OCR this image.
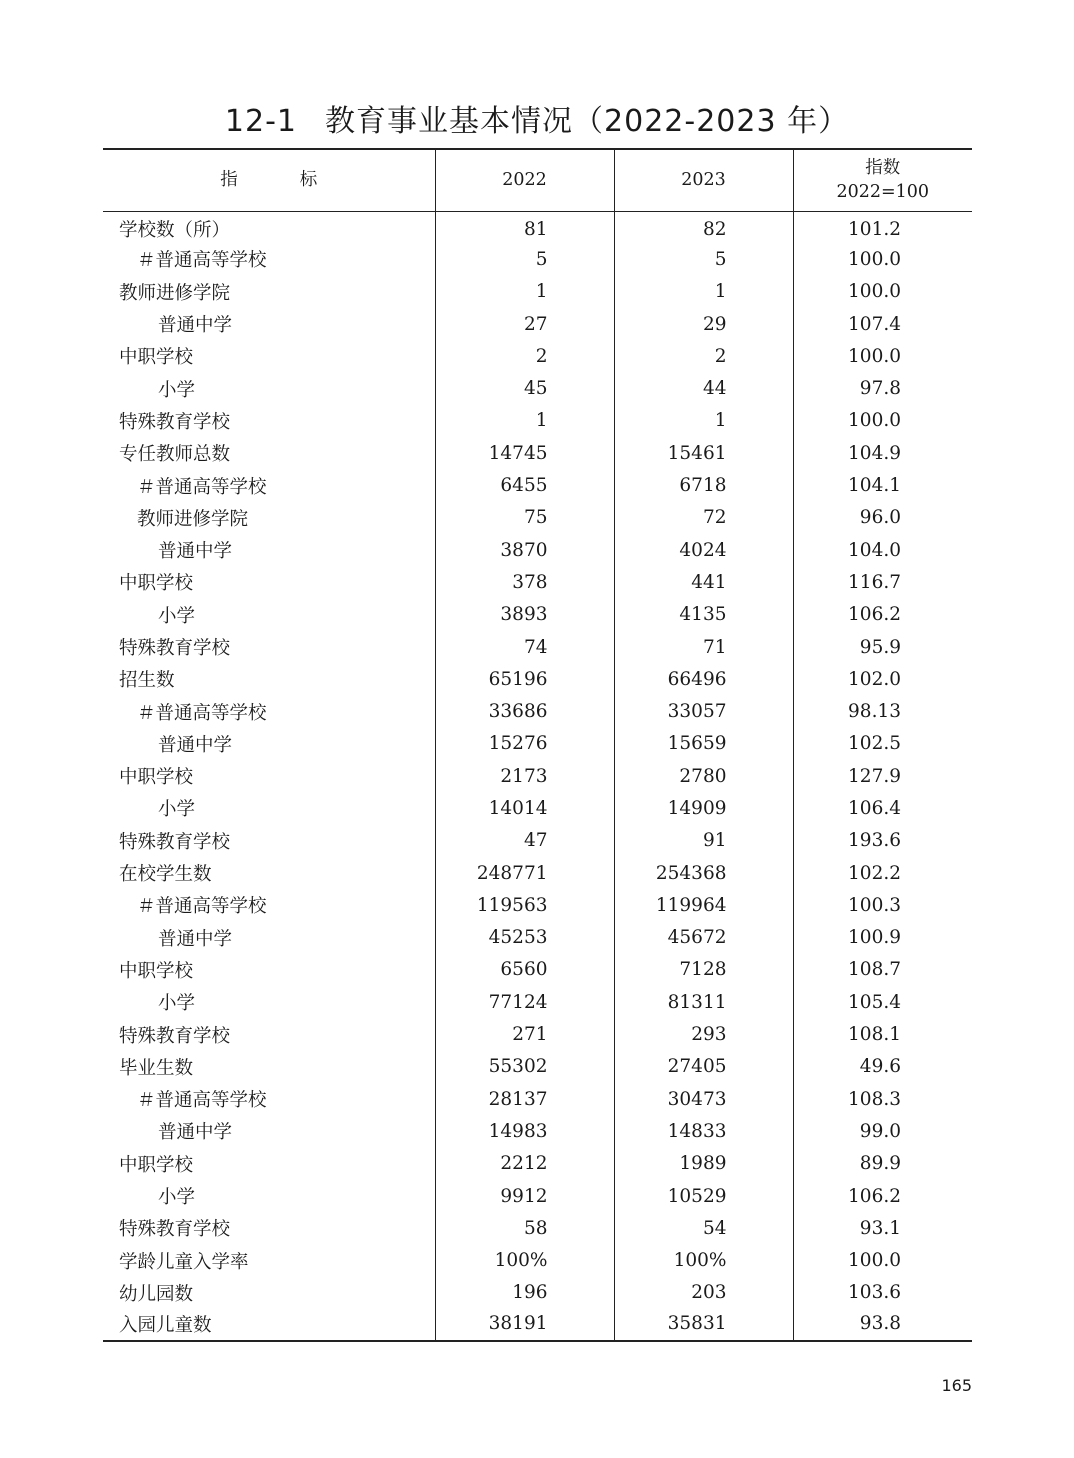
12-1 教育事业基本情况（2022-2023 年）
指 标	2022	2023	指数
2022=100

学校数（所）	81	82	101.2
＃普通高等学校	5	5	100.0
教师进修学院	1	1	100.0
普通中学	27	29	107.4
中职学校	2	2	100.0
小学	45	44	97.8
特殊教育学校	1	1	100.0
专任教师总数	14745	15461	104.9
＃普通高等学校	6455	6718	104.1
教师进修学院	75	72	96.0
普通中学	3870	4024	104.0
中职学校	378	441	116.7
小学	3893	4135	106.2
特殊教育学校	74	71	95.9
招生数	65196	66496	102.0
＃普通高等学校	33686	33057	98.13
普通中学	15276	15659	102.5
中职学校	2173	2780	127.9
小学	14014	14909	106.4
特殊教育学校	47	91	193.6
在校学生数	248771	254368	102.2
＃普通高等学校	119563	119964	100.3
普通中学	45253	45672	100.9
中职学校	6560	7128	108.7
小学	77124	81311	105.4
特殊教育学校	271	293	108.1
毕业生数	55302	27405	49.6
＃普通高等学校	28137	30473	108.3
普通中学	14983	14833	99.0
中职学校	2212	1989	89.9
小学	9912	10529	106.2
特殊教育学校	58	54	93.1
学龄儿童入学率	100%	100%	100.0
幼儿园数	196	203	103.6
入园儿童数	38191	35831	93.8
165
